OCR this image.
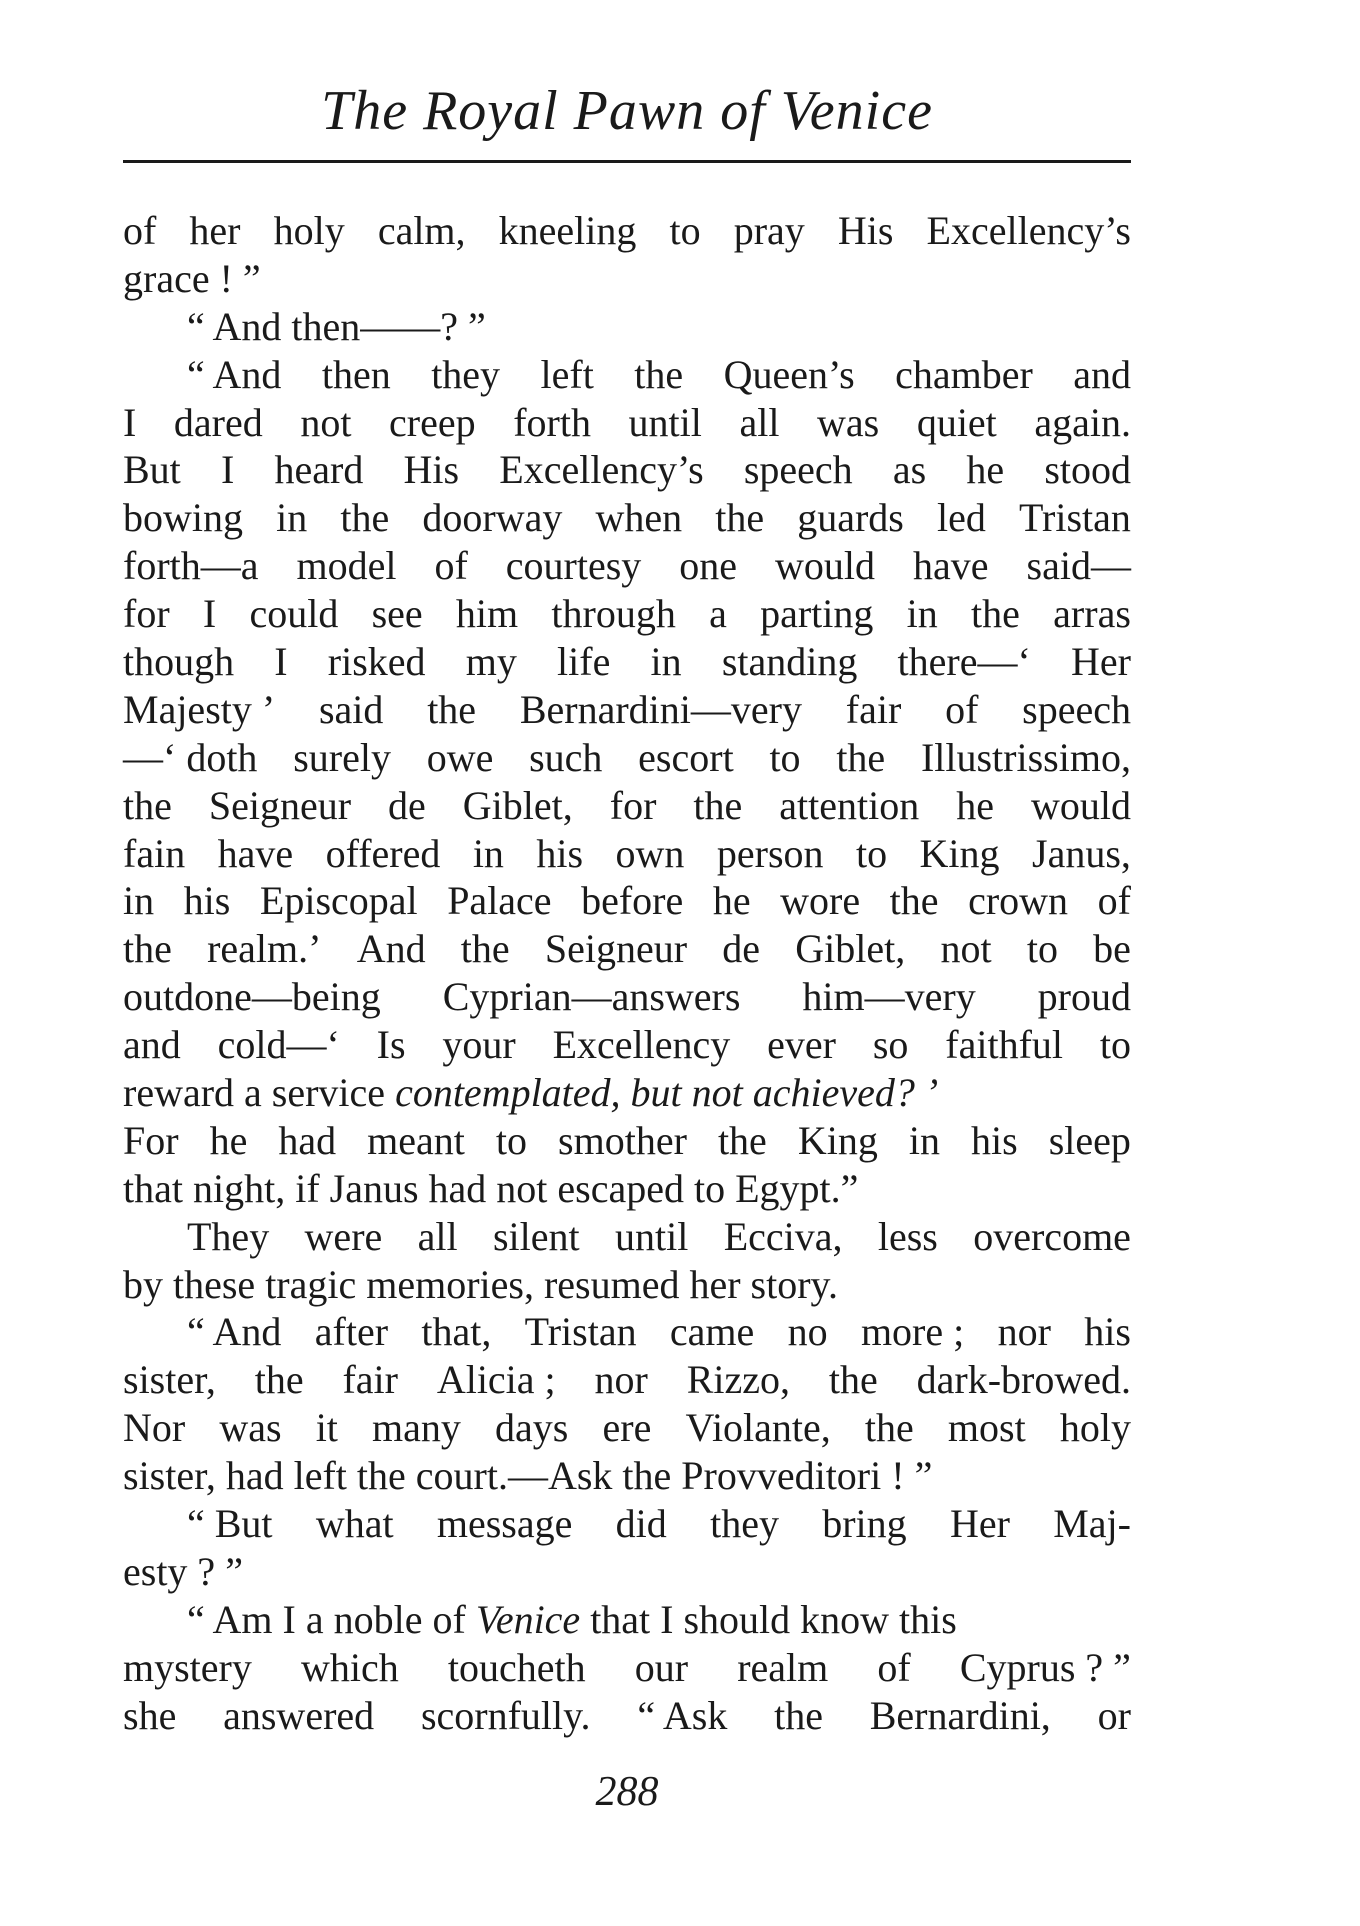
The Royal Pawn of Venice
of her holy calm, kneeling to pray His Excellency’s
grace ! ”
“ And then——? ”
“ And then they left the Queen’s chamber and
I dared not creep forth until all was quiet again.
But I heard His Excellency’s speech as he stood
bowing in the doorway when the guards led Tristan
forth—a model of courtesy one would have said—
for I could see him through a parting in the arras
though I risked my life in standing there—‘ Her
Majesty ’ said the Bernardini—very fair of speech
—‘ doth surely owe such escort to the Illustrissimo,
the Seigneur de Giblet, for the attention he would
fain have offered in his own person to King Janus,
in his Episcopal Palace before he wore the crown of
the realm.’ And the Seigneur de Giblet, not to be
outdone—being Cyprian—answers him—very proud
and cold—‘ Is your Excellency ever so faithful to
reward a service contemplated, but not achieved? ’
For he had meant to smother the King in his sleep
that night, if Janus had not escaped to Egypt.”
They were all silent until Ecciva, less overcome
by these tragic memories, resumed her story.
“ And after that, Tristan came no more ; nor his
sister, the fair Alicia ; nor Rizzo, the dark-browed.
Nor was it many days ere Violante, the most holy
sister, had left the court.—Ask the Provveditori ! ”
“ But what message did they bring Her Maj-
esty ? ”
“ Am I a noble of Venice that I should know this
mystery which toucheth our realm of Cyprus ? ”
she answered scornfully. “ Ask the Bernardini, or
288
